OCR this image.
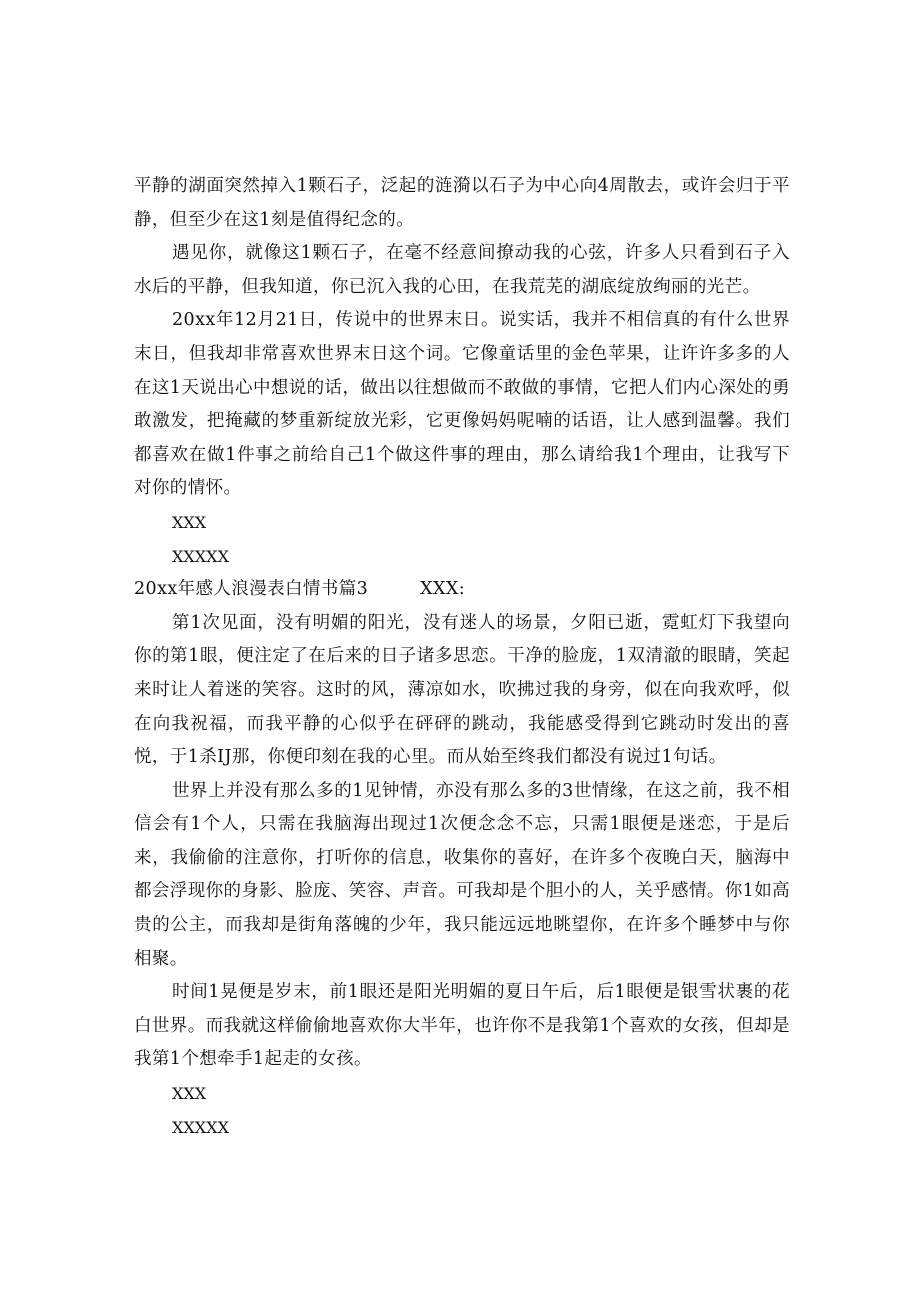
平静的湖面突然掉入1颗石子，泛起的涟漪以石子为中心向4周散去，或许会归于平静，但至少在这1刻是值得纪念的。

遇见你，就像这1颗石子，在毫不经意间撩动我的心弦，许多人只看到石子入水后的平静，但我知道，你已沉入我的心田，在我荒芜的湖底绽放绚丽的光芒。

20xx年12月21日，传说中的世界末日。说实话，我并不相信真的有什么世界末日，但我却非常喜欢世界末日这个词。它像童话里的金色苹果，让许许多多的人在这1天说出心中想说的话，做出以往想做而不敢做的事情，它把人们内心深处的勇敢激发，把掩藏的梦重新绽放光彩，它更像妈妈呢喃的话语，让人感到温馨。我们都喜欢在做1件事之前给自己1个做这件事的理由，那么请给我1个理由，让我写下对你的情怀。

XXX

XXXXX

20xx年感人浪漫表白情书篇3	XXX:

第1次见面，没有明媚的阳光，没有迷人的场景，夕阳已逝，霓虹灯下我望向你的第1眼，便注定了在后来的日子诸多思恋。干净的脸庞，1双清澈的眼睛，笑起来时让人着迷的笑容。这时的风，薄凉如水，吹拂过我的身旁，似在向我欢呼，似在向我祝福，而我平静的心似乎在砰砰的跳动，我能感受得到它跳动时发出的喜悦，于1杀IJ那，你便印刻在我的心里。而从始至终我们都没有说过1句话。

世界上并没有那么多的1见钟情，亦没有那么多的3世情缘，在这之前，我不相信会有1个人，只需在我脑海出现过1次便念念不忘，只需1眼便是迷恋，于是后来，我偷偷的注意你，打听你的信息，收集你的喜好，在许多个夜晚白天，脑海中都会浮现你的身影、脸庞、笑容、声音。可我却是个胆小的人，关乎感情。你1如高贵的公主，而我却是街角落魄的少年，我只能远远地眺望你，在许多个睡梦中与你相聚。

时间1晃便是岁末，前1眼还是阳光明媚的夏日午后，后1眼便是银雪状裹的花白世界。而我就这样偷偷地喜欢你大半年，也许你不是我第1个喜欢的女孩，但却是我第1个想牵手1起走的女孩。

XXX

XXXXX
